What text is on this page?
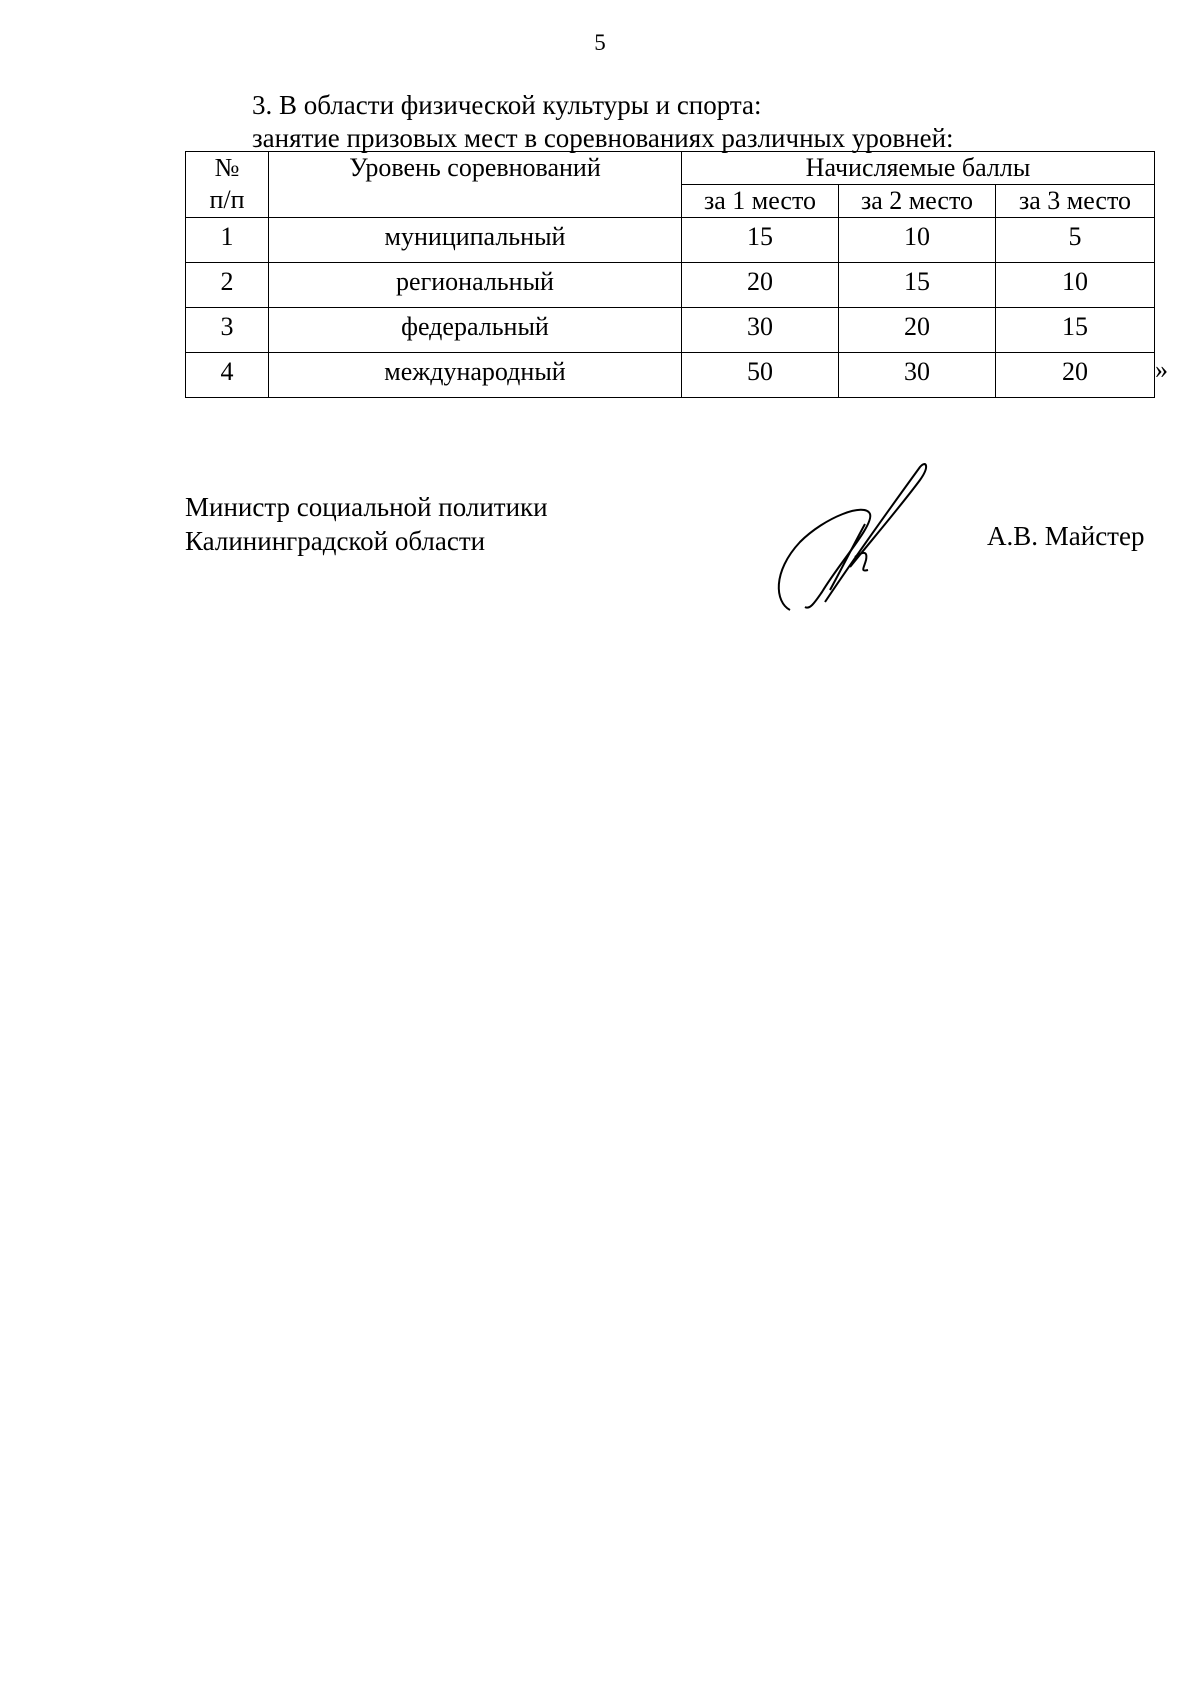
5
3. В области физической культуры и спорта:
занятие призовых мест в соревнованиях различных уровней:
№ п/п	Уровень соревнований	Начисляемые баллы		
		за 1 место	за 2 место	за 3 место
1	муниципальный	15	10	5
2	региональный	20	15	10
3	федеральный	30	20	15
4	международный	50	30	20	»
Министр социальной политики
Калининградской области	А.В. Майстер
